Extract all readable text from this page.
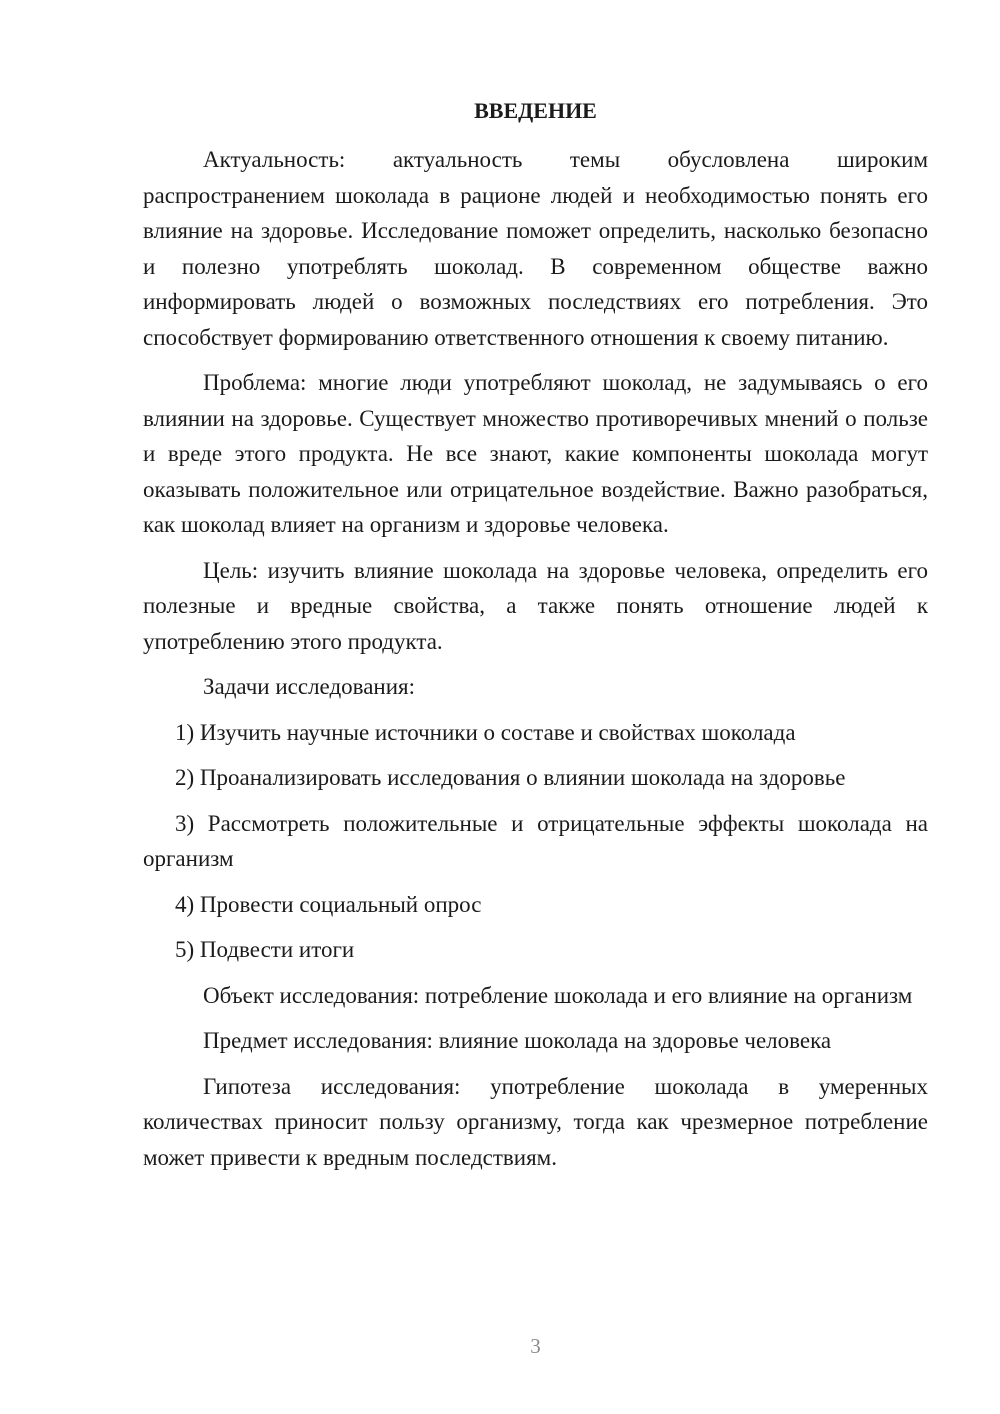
ВВЕДЕНИЕ

Актуальность: актуальность темы обусловлена широким распространением шоколада в рационе людей и необходимостью понять его влияние на здоровье. Исследование поможет определить, насколько безопасно и полезно употреблять шоколад. В современном обществе важно информировать людей о возможных последствиях его потребления. Это способствует формированию ответственного отношения к своему питанию.

Проблема: многие люди употребляют шоколад, не задумываясь о его влиянии на здоровье. Существует множество противоречивых мнений о пользе и вреде этого продукта. Не все знают, какие компоненты шоколада могут оказывать положительное или отрицательное воздействие. Важно разобраться, как шоколад влияет на организм и здоровье человека.

Цель: изучить влияние шоколада на здоровье человека, определить его полезные и вредные свойства, а также понять отношение людей к употреблению этого продукта.

Задачи исследования:

1) Изучить научные источники о составе и свойствах шоколада

2) Проанализировать исследования о влиянии шоколада на здоровье

3) Рассмотреть положительные и отрицательные эффекты шоколада на организм

4) Провести социальный опрос

5) Подвести итоги

Объект исследования: потребление шоколада и его влияние на организм

Предмет исследования: влияние шоколада на здоровье человека

Гипотеза исследования: употребление шоколада в умеренных количествах приносит пользу организму, тогда как чрезмерное потребление может привести к вредным последствиям.

3
